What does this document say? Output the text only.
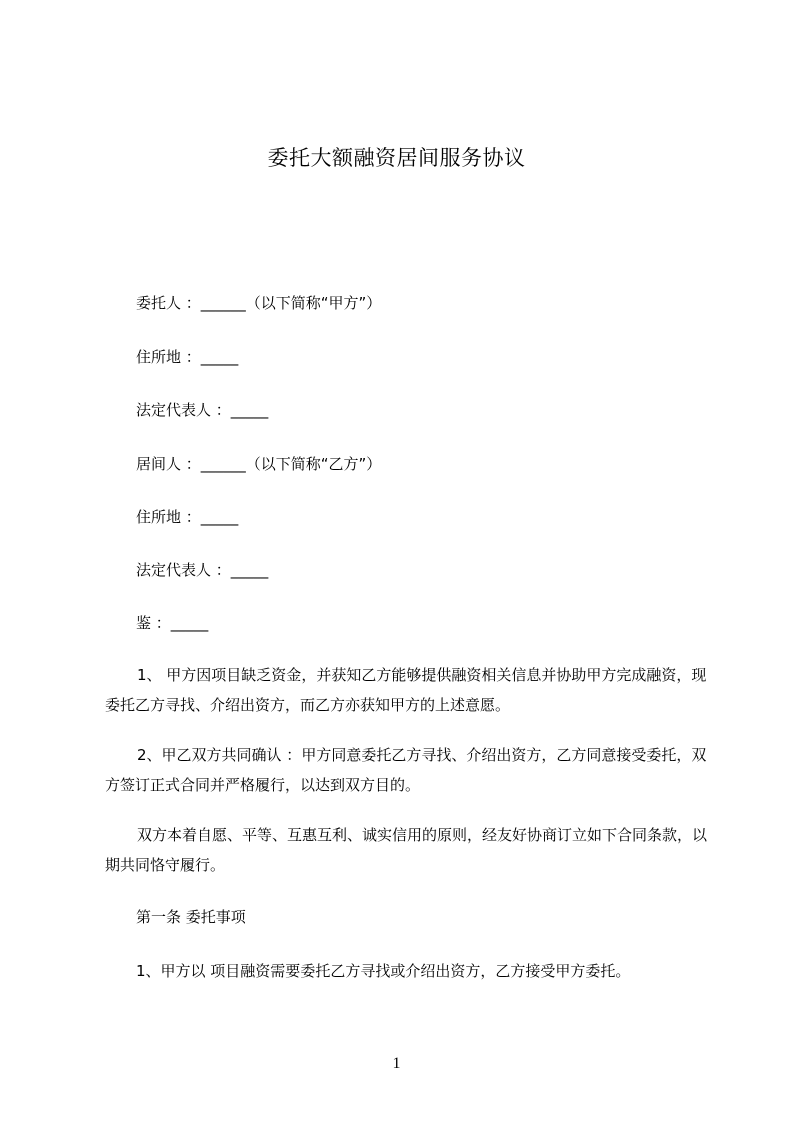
委托大额融资居间服务协议
委托人 ：______（以下简称“甲方”）
住所地 ：_____
法定代表人 ：_____
居间人 ：______（以下简称“乙方”）
住所地 ：_____
法定代表人 ：_____
鉴 ：_____
1、 甲方因项目缺乏资金，并获知乙方能够提供融资相关信息并协助甲方完成融资，现委托乙方寻找、介绍出资方，而乙方亦获知甲方的上述意愿。
2、甲乙双方共同确认 ：甲方同意委托乙方寻找、介绍出资方，乙方同意接受委托，双方签订正式合同并严格履行，以达到双方目的。
双方本着自愿、平等、互惠互利、诚实信用的原则，经友好协商订立如下合同条款，以期共同恪守履行。
第一条 委托事项
1、甲方以 项目融资需要委托乙方寻找或介绍出资方，乙方接受甲方委托。
1
